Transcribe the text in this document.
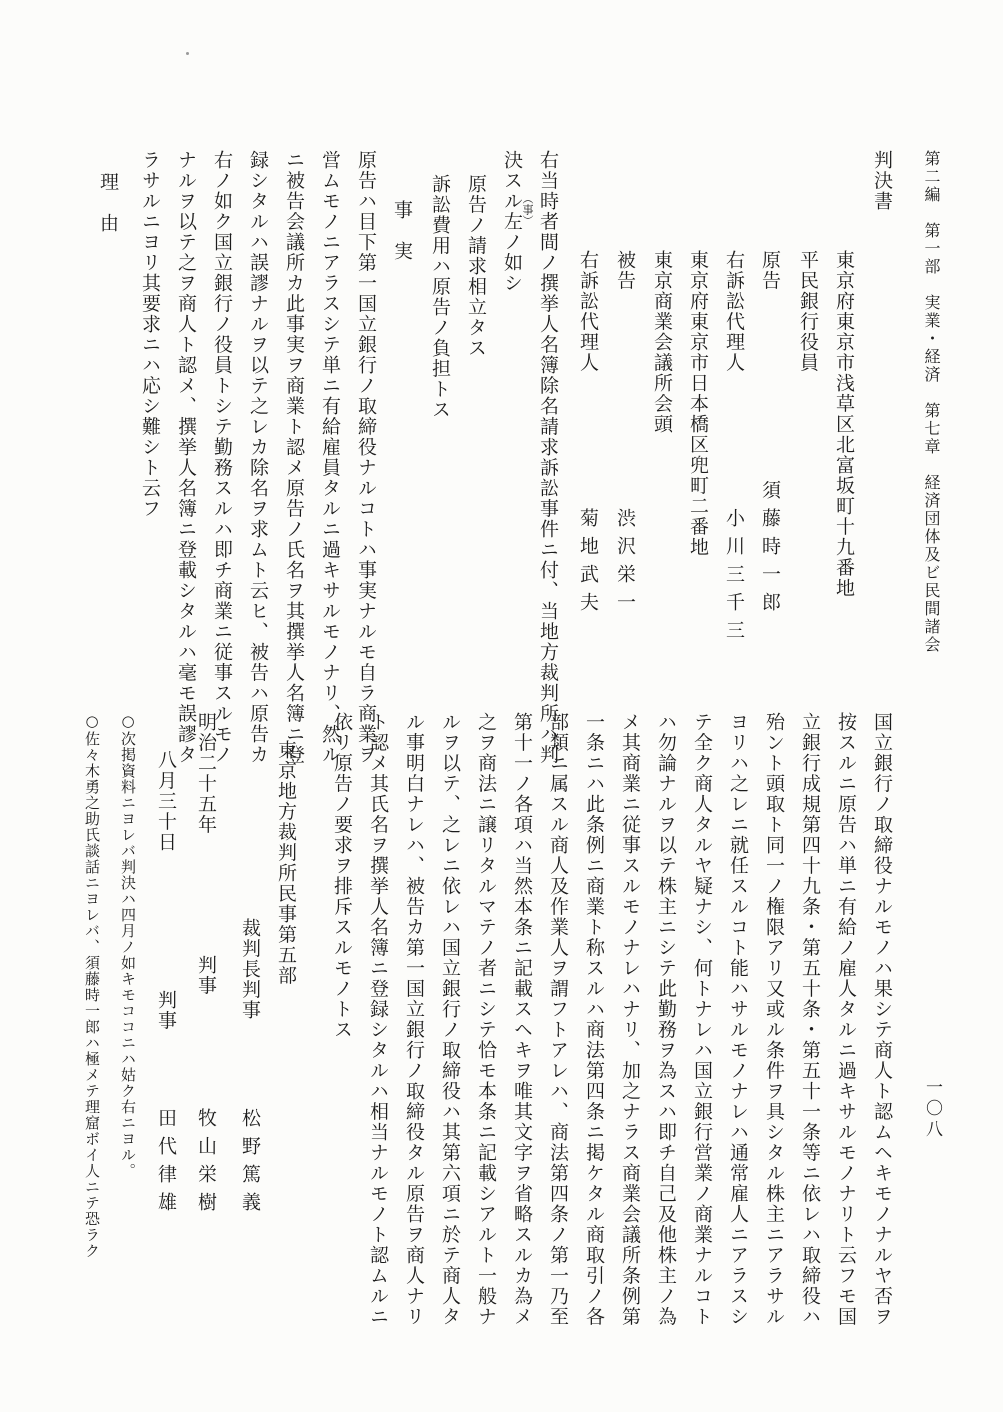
第二編　第一部　実業・経済　第七章　経済団体及ビ民間諸会
一〇八
判決書
東京府東京市浅草区北富坂町十九番地
平民銀行役員
原告
須藤時一郎
右訴訟代理人
小川三千三
東京府東京市日本橋区兜町二番地
東京商業会議所会頭
被告
渋沢栄一
右訴訟代理人
菊地武夫
右当
（事） 時者間ノ撰挙人名簿除名請求訴訟事件ニ付、当地方裁判所ハ判
決スル左ノ如シ
原告ノ請求相立タス
訴訟費用ハ原告ノ負担トス
事　実
原告ハ目下第一国立銀行ノ取締役ナルコトハ事実ナルモ自ラ商業ヲ
営ムモノニアラスシテ単ニ有給雇員タルニ過キサルモノナリ、然ル
ニ被告会議所カ此事実ヲ商業ト認メ原告ノ氏名ヲ其撰挙人名簿ニ登
録シタルハ誤謬ナルヲ以テ之レカ除名ヲ求ムト云ヒ、被告ハ原告カ
右ノ如ク国立銀行ノ役員トシテ勤務スルハ即チ商業ニ従事スルモノ
ナルヲ以テ之ヲ商人ト認メ、撰挙人名簿ニ登載シタルハ毫モ誤謬タ
ラサルニヨリ其要求ニハ応シ難シト云フ
理　由
国立銀行ノ取締役ナルモノハ果シテ商人ト認ムヘキモノナルヤ否ヲ
按スルニ原告ハ単ニ有給ノ雇人タルニ過キサルモノナリト云フモ国
立銀行成規第四十九条・第五十条・第五十一条等ニ依レハ取締役ハ
殆ント頭取ト同一ノ権限アリ又或ル条件ヲ具シタル株主ニアラサル
ヨリハ之レニ就任スルコト能ハサルモノナレハ通常雇人ニアラスシ
テ全ク商人タルヤ疑ナシ、何トナレハ国立銀行営業ノ商業ナルコト
ハ勿論ナルヲ以テ株主ニシテ此勤務ヲ為スハ即チ自己及他株主ノ為
メ其商業ニ従事スルモノナレハナリ、加之ナラス商業会議所条例第
一条ニハ此条例ニ商業ト称スルハ商法第四条ニ掲ケタル商取引ノ各
部類ニ属スル商人及作業人ヲ謂フトアレハ、商法第四条ノ第一乃至
第十一ノ各項ハ当然本条ニ記載スヘキヲ唯其文字ヲ省略スルカ為メ
之ヲ商法ニ譲リタルマテノ者ニシテ恰モ本条ニ記載シアルト一般ナ
ルヲ以テ、之レニ依レハ国立銀行ノ取締役ハ其第六項ニ於テ商人タ
ル事明白ナレハ、被告カ第一国立銀行ノ取締役タル原告ヲ商人ナリ
ト認メ其氏名ヲ撰挙人名簿ニ登録シタルハ相当ナルモノト認ムルニ
依リ原告ノ要求ヲ排斥スルモノトス
東京地方裁判所民事第五部
裁判長判事
松野篤義
明治二十五年
判事
牧山栄樹
八月三十日
判事
田代律雄
○次掲資料ニヨレバ判決ハ四月ノ如キモココニハ姑ク右ニヨル。
○佐々木勇之助氏談話ニヨレバ、須藤時一郎ハ極メテ理窟ボイ人ニテ恐ラク
